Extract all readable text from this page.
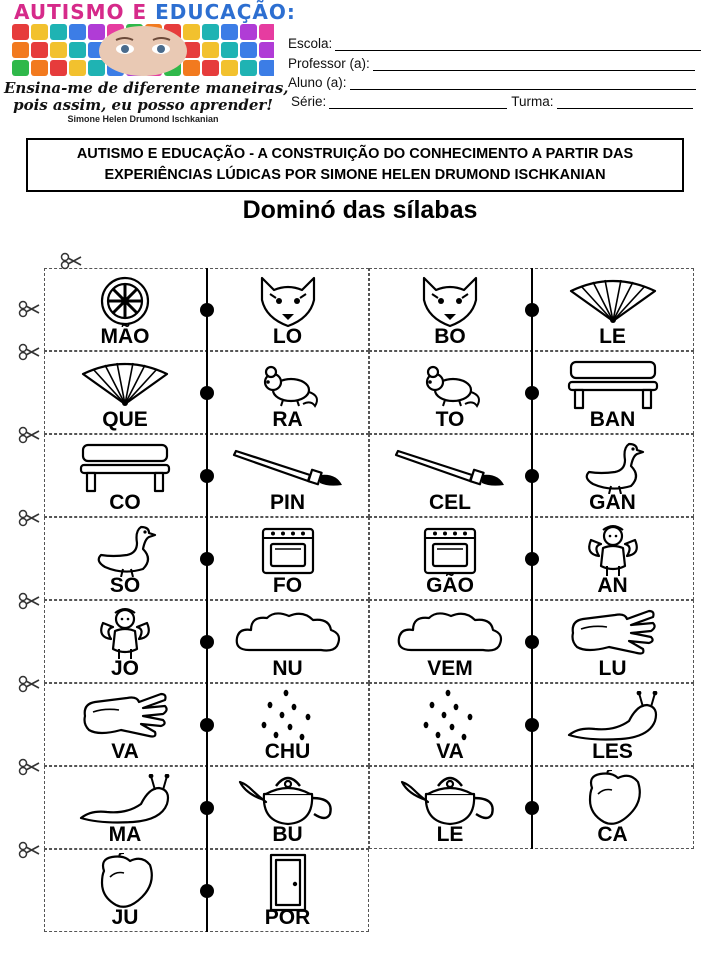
AUTISMO E EDUCAÇÃO:
Ensina-me de diferente maneiras,
pois assim, eu posso aprender!
Simone Helen Drumond Ischkanian
Escola:
Professor (a):
Aluno (a):
Série:	Turma:
AUTISMO E EDUCAÇÃO - A CONSTRUIÇÃO DO CONHECIMENTO A PARTIR DAS
EXPERIÊNCIAS LÚDICAS POR SIMONE HELEN DRUMOND ISCHKANIAN
Dominó das sílabas
MÃO	LO	BO	LE
QUE	RA	TO	BAN
CO	PIN	CEL	GAN
SO	FO	GÃO	AN
JO	NU	VEM	LU
VA	CHU	VA	LES
MA	BU	LE	CA
JU	POR
